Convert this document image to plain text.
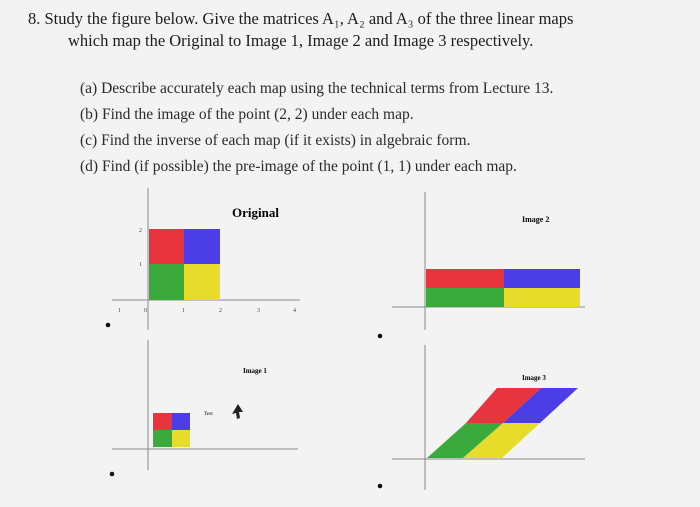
8. Study the figure below. Give the matrices A₁, A₂ and A₃ of the three linear maps
which map the Original to Image 1, Image 2 and Image 3 respectively.
(a) Describe accurately each map using the technical terms from Lecture 13.
(b) Find the image of the point (2, 2) under each map.
(c) Find the inverse of each map (if it exists) in algebraic form.
(d) Find (if possible) the pre-image of the point (1, 1) under each map.
Original
1	0	1	2	3	4
2
1
Image 2
Image 1
Text
Image 3
